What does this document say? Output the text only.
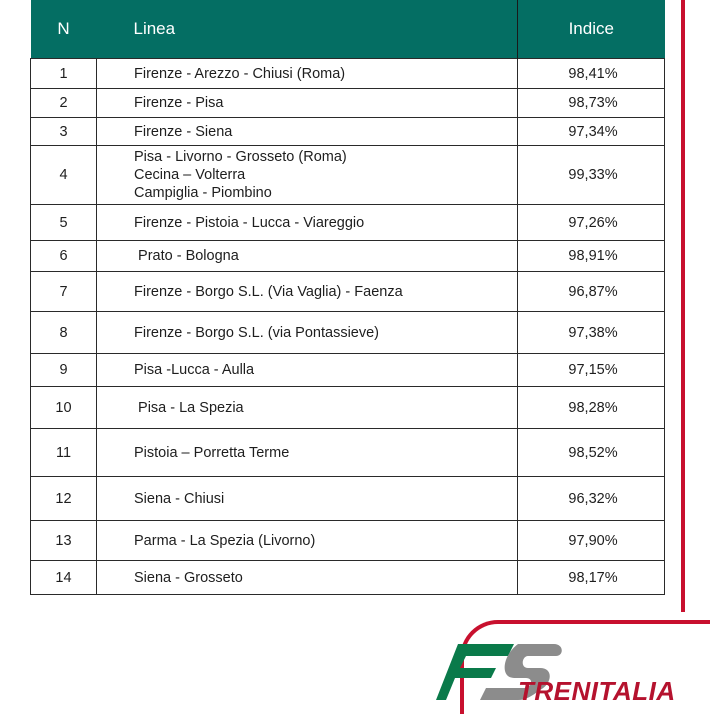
N	Linea	Indice
1	Firenze - Arezzo - Chiusi (Roma)	98,41%
2	Firenze - Pisa	98,73%
3	Firenze - Siena	97,34%
4	Pisa - Livorno - Grosseto (Roma)
Cecina – Volterra
Campiglia - Piombino	99,33%
5	Firenze - Pistoia - Lucca - Viareggio	97,26%
6	Prato - Bologna	98,91%
7	Firenze - Borgo S.L. (Via Vaglia) - Faenza	96,87%
8	Firenze - Borgo S.L. (via Pontassieve)	97,38%
9	Pisa -Lucca - Aulla	97,15%
10	Pisa - La Spezia	98,28%
11	Pistoia – Porretta Terme	98,52%
12	Siena - Chiusi	96,32%
13	Parma - La Spezia (Livorno)	97,90%
14	Siena - Grosseto	98,17%
TRENITALIA
